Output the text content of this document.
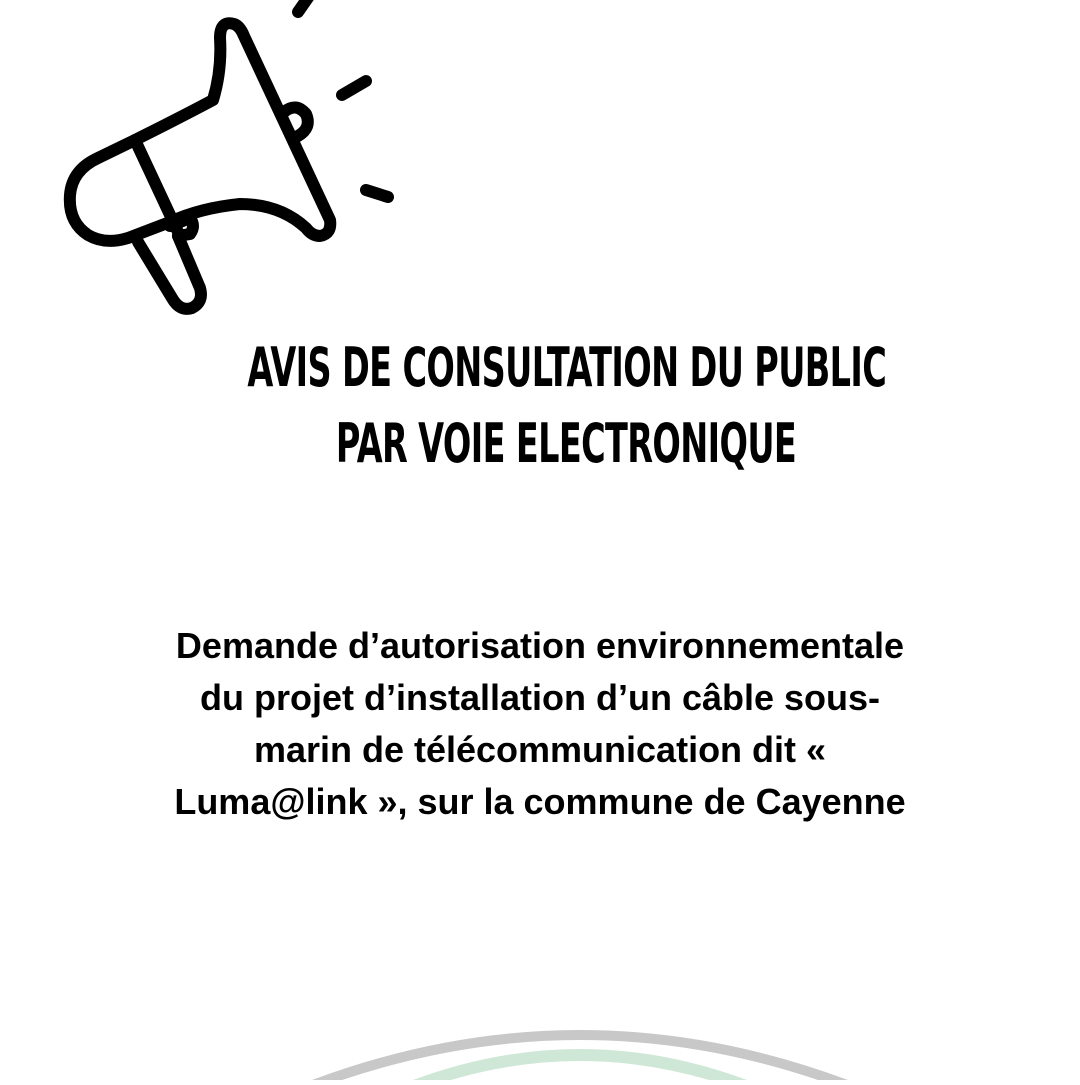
AVIS DE CONSULTATION DU PUBLIC
PAR VOIE ELECTRONIQUE
Demande d’autorisation environnementale
du projet d’installation d’un câble sous-
marin de télécommunication dit «
Luma@link », sur la commune de Cayenne
